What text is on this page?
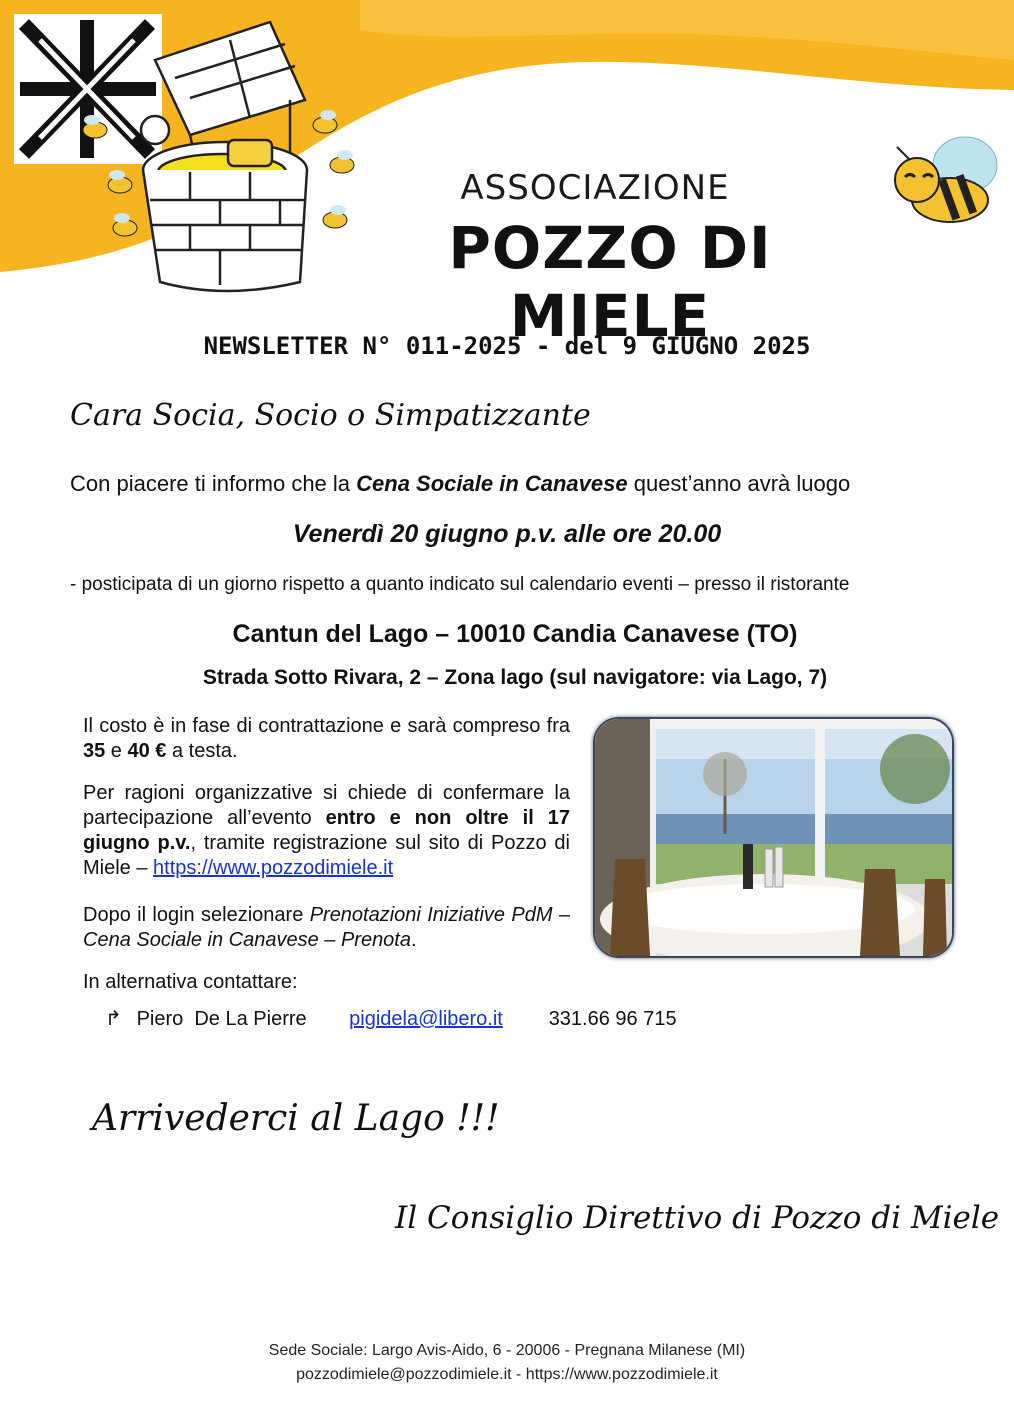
ASSOCIAZIONE
POZZO DI MIELE
NEWSLETTER N° 011-2025 - del 9 GIUGNO 2025
Cara Socia, Socio o Simpatizzante
Con piacere ti informo che la Cena Sociale in Canavese quest’anno avrà luogo
Venerdì 20 giugno p.v. alle ore 20.00
- posticipata di un giorno rispetto a quanto indicato sul calendario eventi – presso il ristorante
Cantun del Lago – 10010 Candia Canavese (TO)
Strada Sotto Rivara, 2 – Zona lago (sul navigatore: via Lago, 7)
Il costo è in fase di contrattazione e sarà compreso fra 35 e 40 € a testa.
Per ragioni organizzative si chiede di confermare la partecipazione all’evento entro e non oltre il 17 giugno p.v., tramite registrazione sul sito di Pozzo di Miele – https://www.pozzodimiele.it
Dopo il login selezionare Prenotazioni Iniziative PdM – Cena Sociale in Canavese – Prenota.
In alternativa contattare:
↱ Piero  De La Pierre pigidela@libero.it 331.66 96 715
Arrivederci al Lago !!!
Il Consiglio Direttivo di Pozzo di Miele
Sede Sociale: Largo Avis-Aido, 6 - 20006 - Pregnana Milanese (MI)
pozzodimiele@pozzodimiele.it - https://www.pozzodimiele.it
